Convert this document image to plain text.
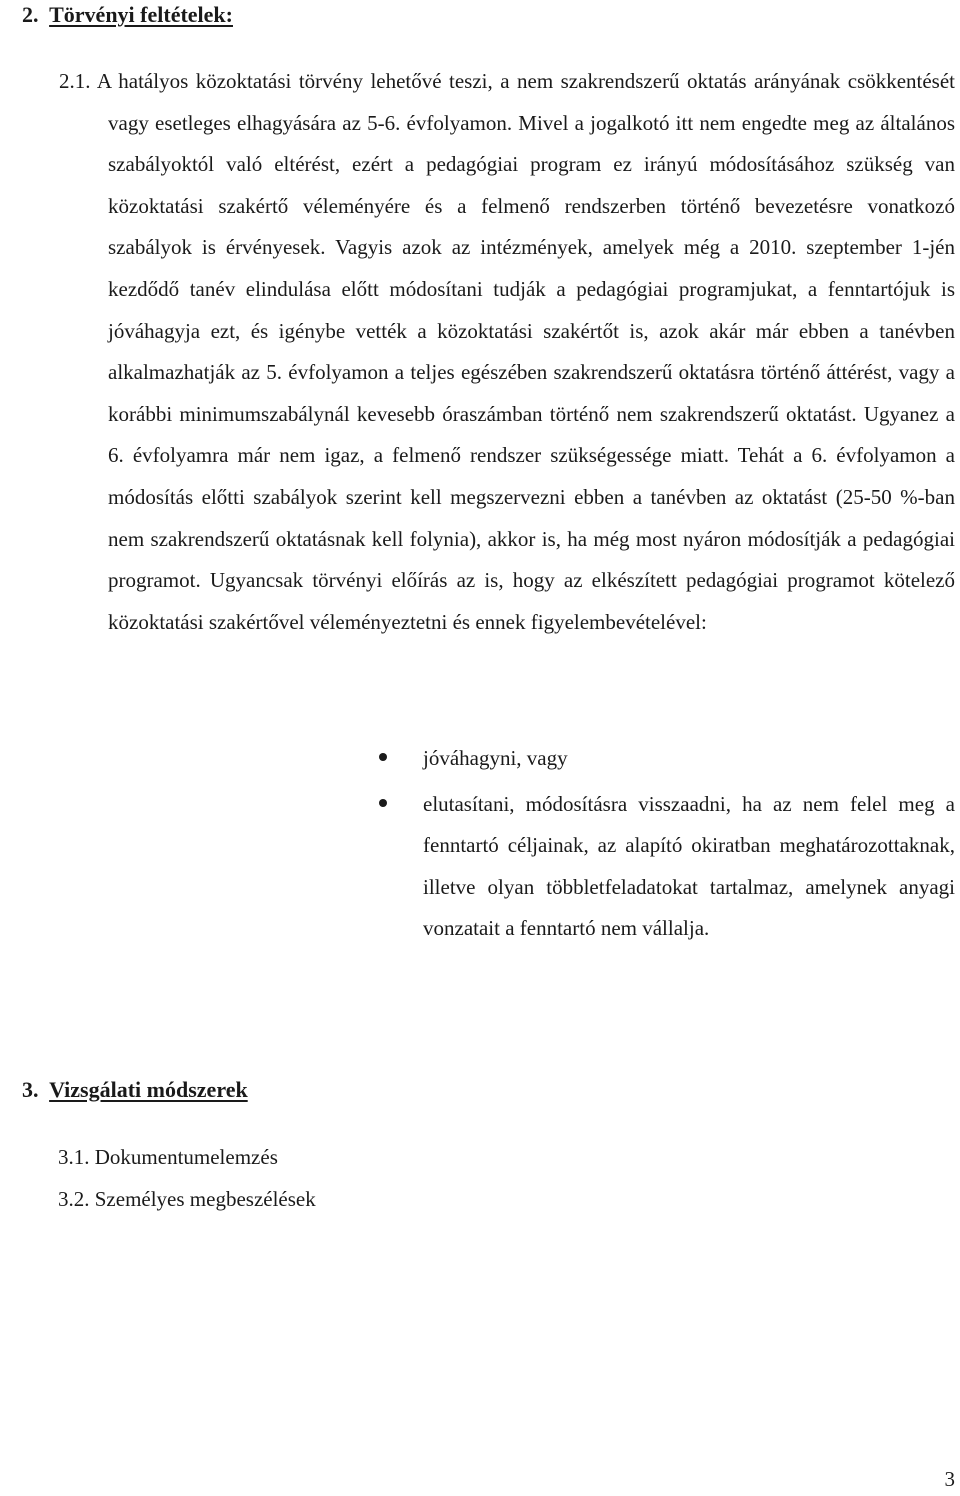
2. Törvényi feltételek:

2.1. A hatályos közoktatási törvény lehetővé teszi, a nem szakrendszerű oktatás arányának csökkentését vagy esetleges elhagyására az 5-6. évfolyamon. Mivel a jogalkotó itt nem engedte meg az általános szabályoktól való eltérést, ezért a pedagógiai program ez irányú módosításához szükség van közoktatási szakértő véleményére és a felmenő rendszerben történő bevezetésre vonatkozó szabályok is érvényesek. Vagyis azok az intézmények, amelyek még a 2010. szeptember 1-jén kezdődő tanév elindulása előtt módosítani tudják a pedagógiai programjukat, a fenntartójuk is jóváhagyja ezt, és igénybe vették a közoktatási szakértőt is, azok akár már ebben a tanévben alkalmazhatják az 5. évfolyamon a teljes egészében szakrendszerű oktatásra történő áttérést, vagy a korábbi minimumszabálynál kevesebb óraszámban történő nem szakrendszerű oktatást. Ugyanez a 6. évfolyamra már nem igaz, a felmenő rendszer szükségessége miatt. Tehát a 6. évfolyamon a módosítás előtti szabályok szerint kell megszervezni ebben a tanévben az oktatást (25-50 %-ban nem szakrendszerű oktatásnak kell folynia), akkor is, ha még most nyáron módosítják a pedagógiai programot. Ugyancsak törvényi előírás az is, hogy az elkészített pedagógiai programot kötelező közoktatási szakértővel véleményeztetni és ennek figyelembevételével:

jóváhagyni, vagy
elutasítani, módosításra visszaadni, ha az nem felel meg a fenntartó céljainak, az alapító okiratban meghatározottaknak, illetve olyan többletfeladatokat tartalmaz, amelynek anyagi vonzatait a fenntartó nem vállalja.
3. Vizsgálati módszerek

3.1. Dokumentumelemzés

3.2. Személyes megbeszélések

3
